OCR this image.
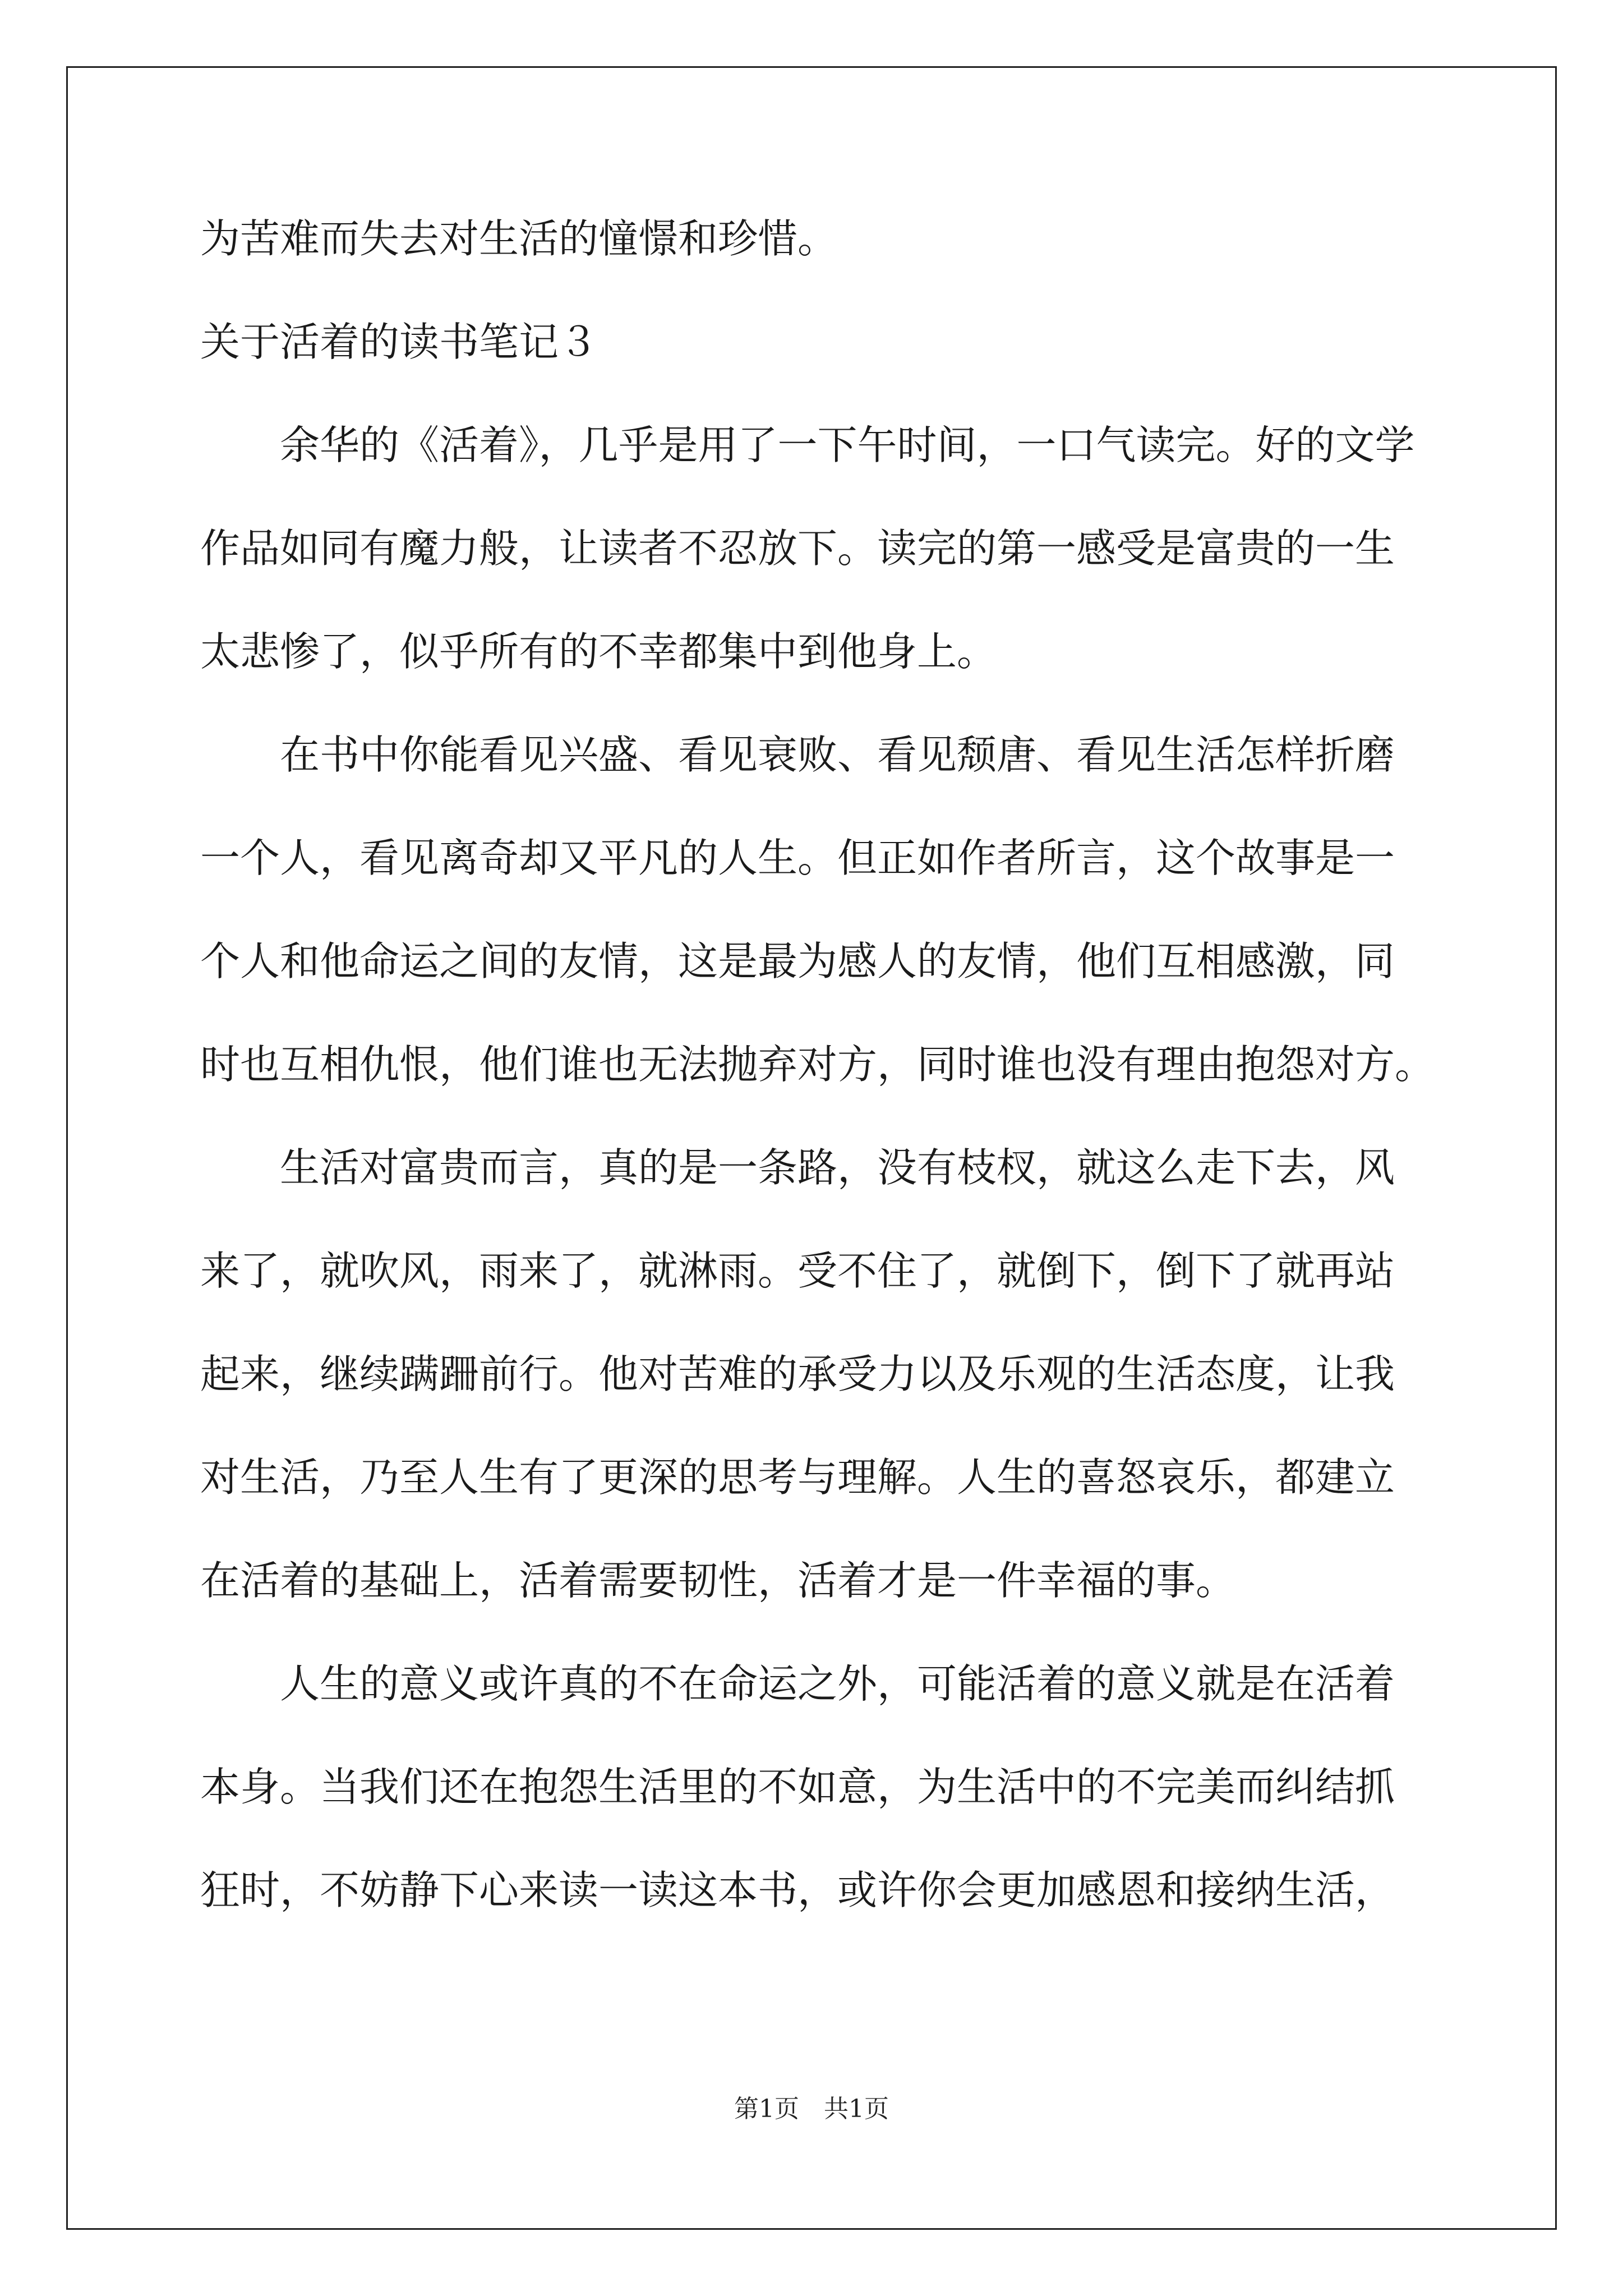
为苦难而失去对生活的憧憬和珍惜。
关于活着的读书笔记３
余华的《活着》，几乎是用了一下午时间，一口气读完。好的文学
作品如同有魔力般，让读者不忍放下。读完的第一感受是富贵的一生
太悲惨了，似乎所有的不幸都集中到他身上。
在书中你能看见兴盛、看见衰败、看见颓唐、看见生活怎样折磨
一个人，看见离奇却又平凡的人生。但正如作者所言，这个故事是一
个人和他命运之间的友情，这是最为感人的友情，他们互相感激，同
时也互相仇恨，他们谁也无法抛弃对方，同时谁也没有理由抱怨对方。
生活对富贵而言，真的是一条路，没有枝杈，就这么走下去，风
来了，就吹风，雨来了，就淋雨。受不住了，就倒下，倒下了就再站
起来，继续蹒跚前行。他对苦难的承受力以及乐观的生活态度，让我
对生活，乃至人生有了更深的思考与理解。人生的喜怒哀乐，都建立
在活着的基础上，活着需要韧性，活着才是一件幸福的事。
人生的意义或许真的不在命运之外，可能活着的意义就是在活着
本身。当我们还在抱怨生活里的不如意，为生活中的不完美而纠结抓
狂时，不妨静下心来读一读这本书，或许你会更加感恩和接纳生活，
第1页　共1页
